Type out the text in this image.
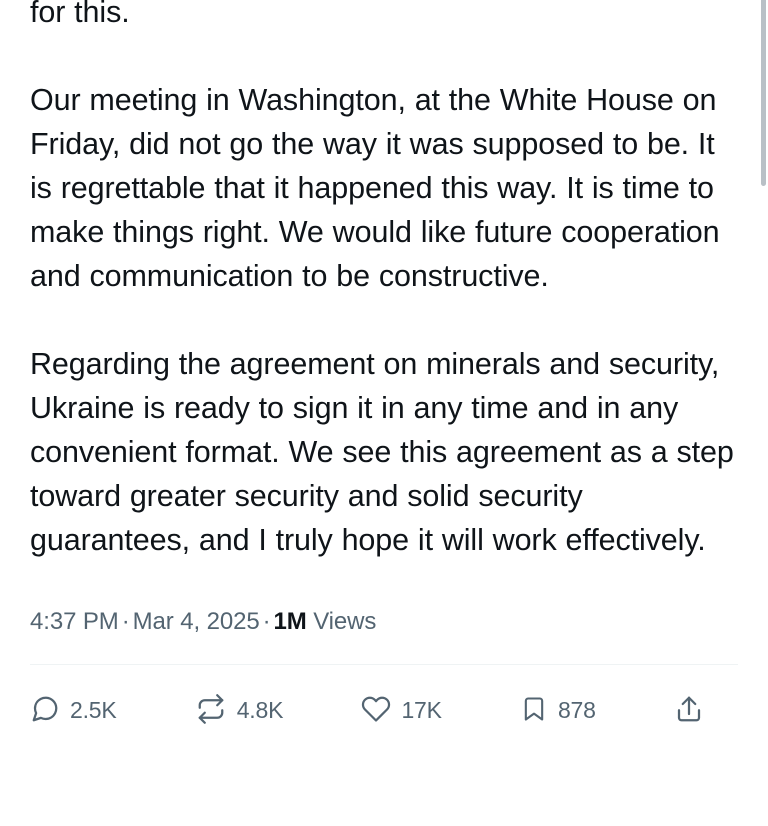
for this.

Our meeting in Washington, at the White House on Friday, did not go the way it was supposed to be. It is regrettable that it happened this way. It is time to make things right. We would like future cooperation and communication to be constructive.

Regarding the agreement on minerals and security, Ukraine is ready to sign it in any time and in any convenient format. We see this agreement as a step toward greater security and solid security guarantees, and I truly hope it will work effectively.

4:37 PM · Mar 4, 2025 · 1M Views
2.5K	4.8K	17K	878
